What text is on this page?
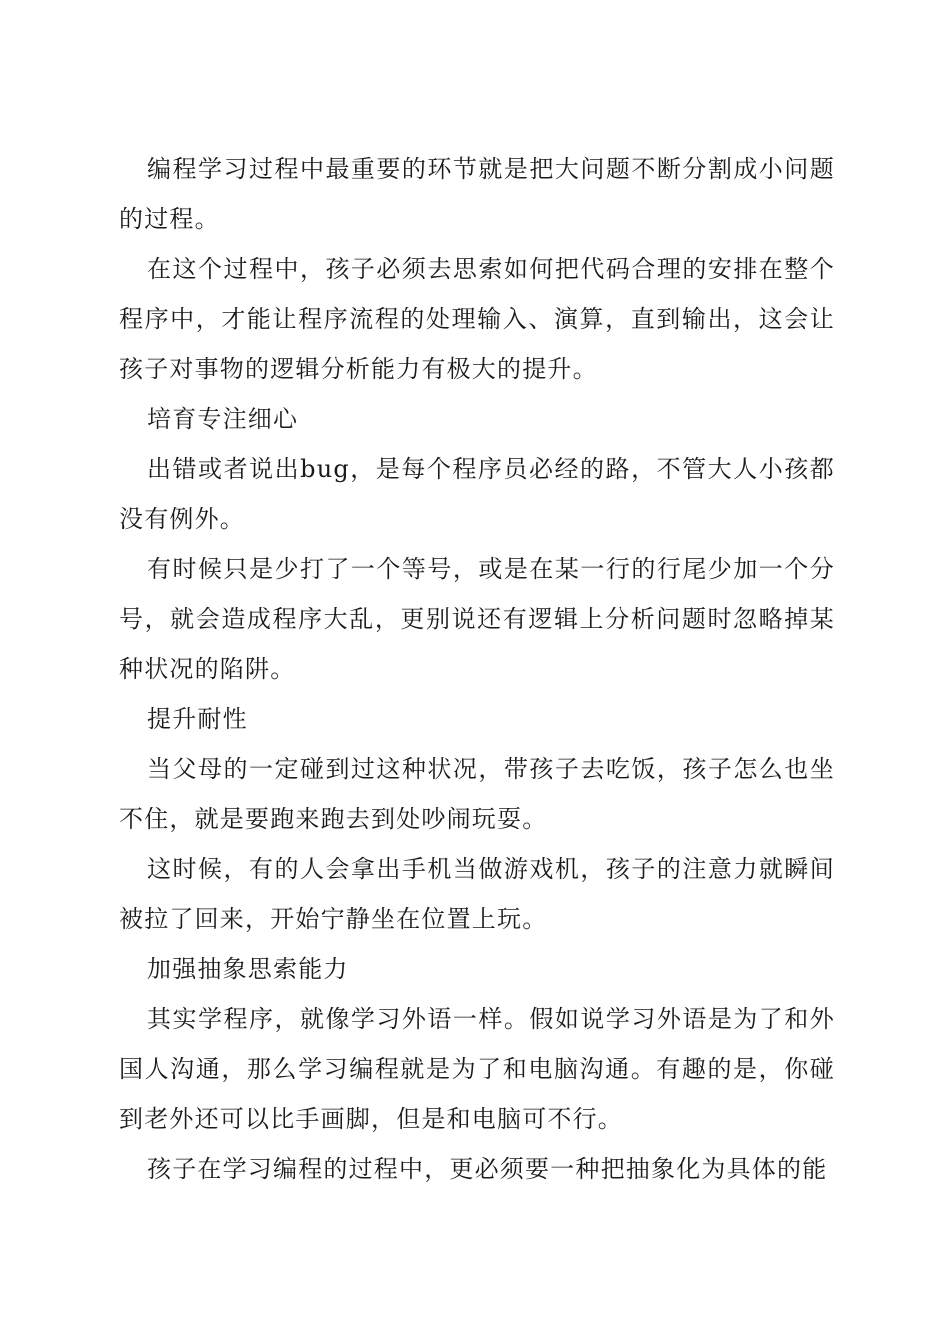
编程学习过程中最重要的环节就是把大问题不断分割成小问题的过程。

在这个过程中，孩子必须去思索如何把代码合理的安排在整个程序中，才能让程序流程的处理输入、演算，直到输出，这会让孩子对事物的逻辑分析能力有极大的提升。

培育专注细心

出错或者说出bug，是每个程序员必经的路，不管大人小孩都没有例外。

有时候只是少打了一个等号，或是在某一行的行尾少加一个分号，就会造成程序大乱，更别说还有逻辑上分析问题时忽略掉某种状况的陷阱。

提升耐性

当父母的一定碰到过这种状况，带孩子去吃饭，孩子怎么也坐不住，就是要跑来跑去到处吵闹玩耍。

这时候，有的人会拿出手机当做游戏机，孩子的注意力就瞬间被拉了回来，开始宁静坐在位置上玩。

加强抽象思索能力

其实学程序，就像学习外语一样。假如说学习外语是为了和外国人沟通，那么学习编程就是为了和电脑沟通。有趣的是，你碰到老外还可以比手画脚，但是和电脑可不行。

孩子在学习编程的过程中，更必须要一种把抽象化为具体的能
